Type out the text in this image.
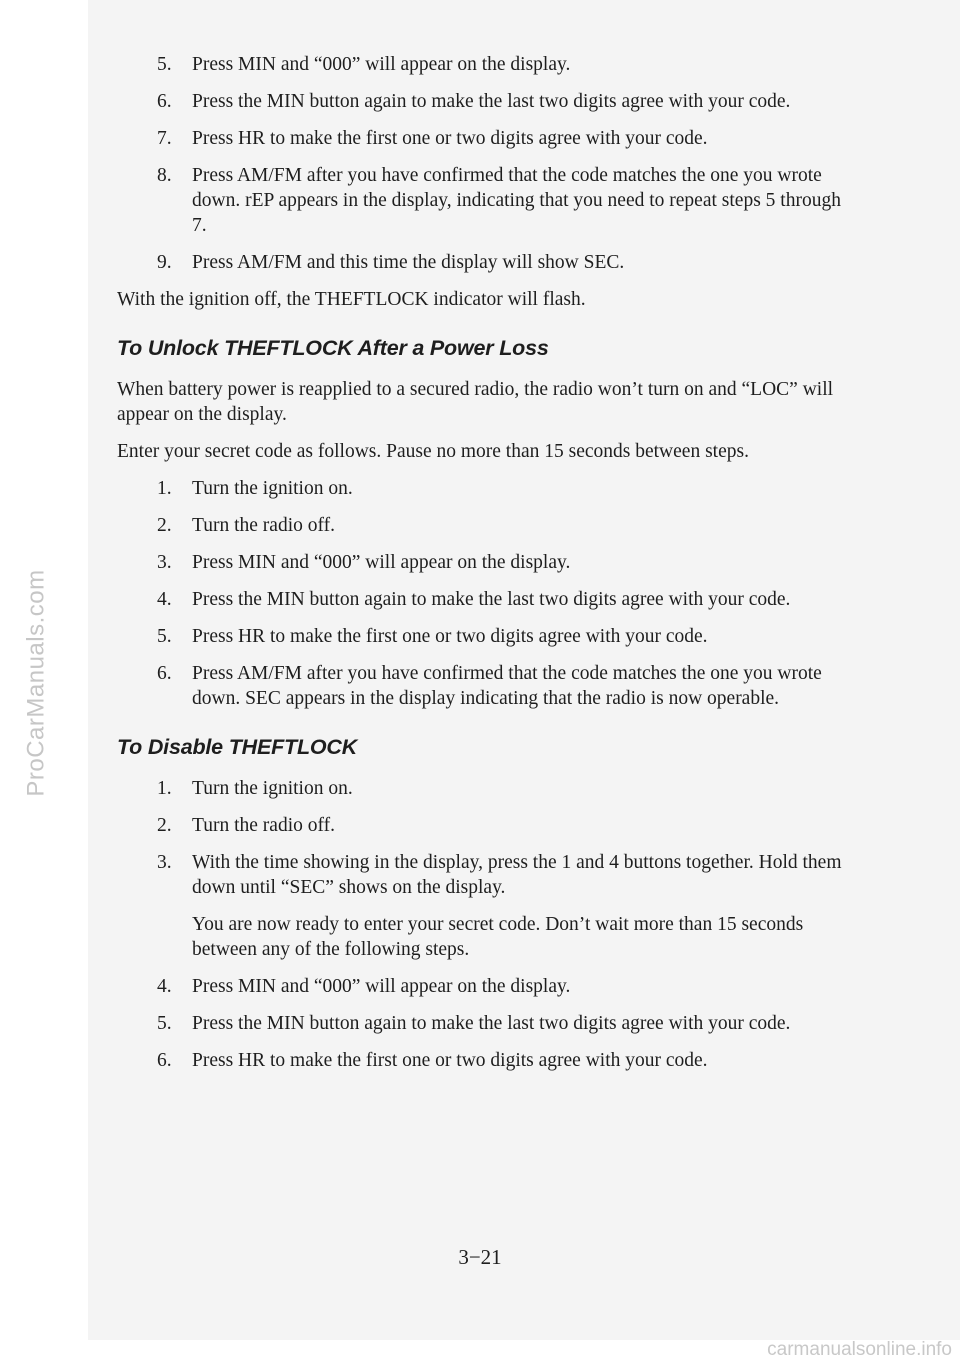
ProCarManuals.com
5.	Press MIN and “000” will appear on the display.
6.	Press the MIN button again to make the last two digits agree with your code.
7.	Press HR to make the first one or two digits agree with your code.
8.	Press AM/FM after you have confirmed that the code matches the one you wrote down. rEP appears in the display, indicating that you need to repeat steps 5 through 7.
9.	Press AM/FM and this time the display will show SEC.

With the ignition off, the THEFTLOCK indicator will flash.

To Unlock THEFTLOCK After a Power Loss

When battery power is reapplied to a secured radio, the radio won’t turn on and “LOC” will appear on the display.

Enter your secret code as follows. Pause no more than 15 seconds between steps.

1.	Turn the ignition on.
2.	Turn the radio off.
3.	Press MIN and “000” will appear on the display.
4.	Press the MIN button again to make the last two digits agree with your code.
5.	Press HR to make the first one or two digits agree with your code.
6.	Press AM/FM after you have confirmed that the code matches the one you wrote down. SEC appears in the display indicating that the radio is now operable.
To Disable THEFTLOCK
1.	Turn the ignition on.
2.	Turn the radio off.
3.	With the time showing in the display, press the 1 and 4 buttons together. Hold them down until “SEC” shows on the display.

You are now ready to enter your secret code. Don’t wait more than 15 seconds between any of the following steps.

4.	Press MIN and “000” will appear on the display.
5.	Press the MIN button again to make the last two digits agree with your code.
6.	Press HR to make the first one or two digits agree with your code.
3−21
carmanualsonline.info
